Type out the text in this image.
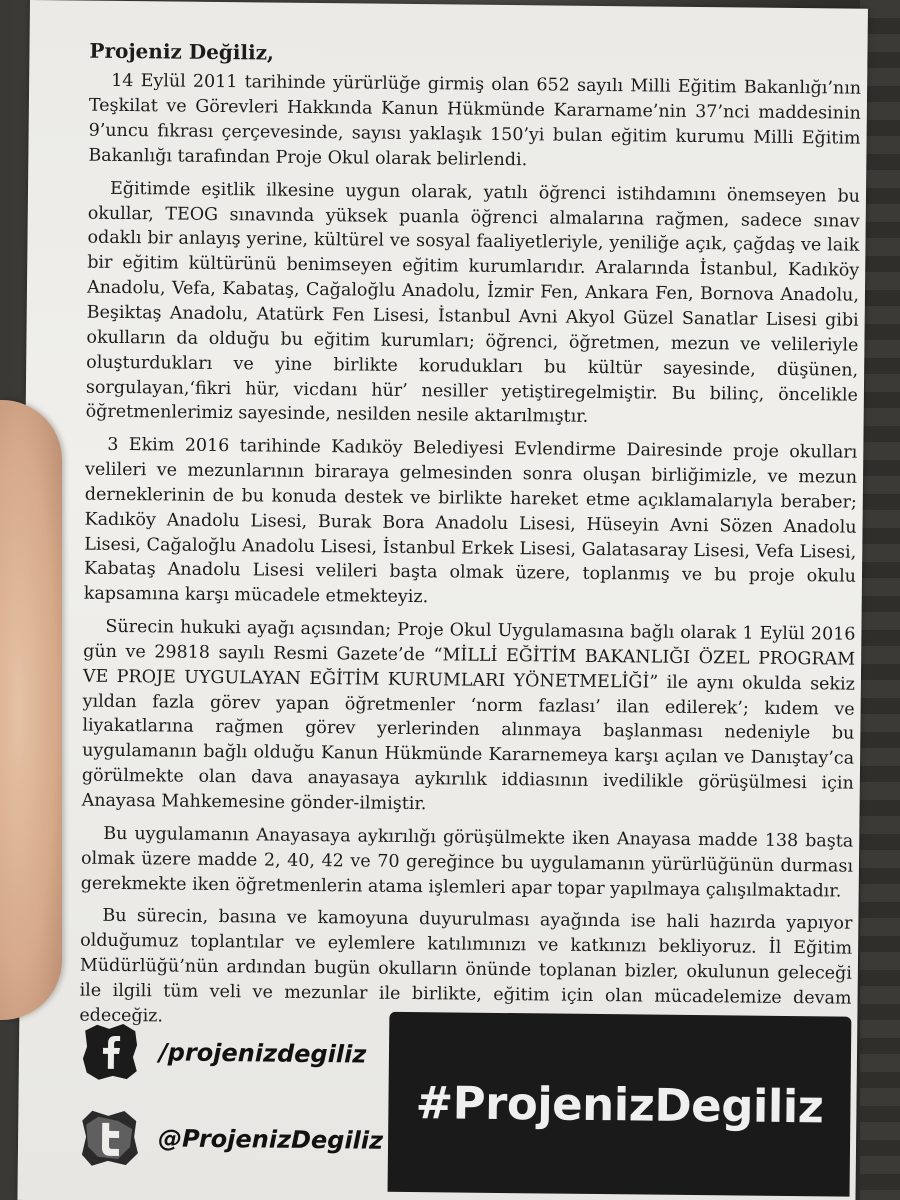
Projeniz Değiliz,

14 Eylül 2011 tarihinde yürürlüğe girmiş olan 652 sayılı Milli Eğitim Bakanlığı’nın Teşkilat ve Görevleri Hakkında Kanun Hükmünde Kararname’nin 37’nci maddesinin 9’uncu fıkrası çerçevesinde, sayısı yaklaşık 150’yi bulan eğitim kurumu Milli Eğitim Bakanlığı tarafından Proje Okul olarak belirlendi.

Eğitimde eşitlik ilkesine uygun olarak, yatılı öğrenci istihdamını önemseyen bu okullar, TEOG sınavında yüksek puanla öğrenci almalarına rağmen, sadece sınav odaklı bir anlayış yerine, kültürel ve sosyal faaliyetleriyle, yeniliğe açık, çağdaş ve laik bir eğitim kültürünü benimseyen eğitim kurumlarıdır. Aralarında İstanbul, Kadıköy Anadolu, Vefa, Kabataş, Cağaloğlu Anadolu, İzmir Fen, Ankara Fen, Bornova Anadolu, Beşiktaş Anadolu, Atatürk Fen Lisesi, İstanbul Avni Akyol Güzel Sanatlar Lisesi gibi okulların da olduğu bu eğitim kurumları; öğrenci, öğretmen, mezun ve velileriyle oluşturdukları ve yine birlikte korudukları bu kültür sayesinde, düşünen, sorgulayan,‘fikri hür, vicdanı hür’ nesiller yetiştiregelmiştir. Bu bilinç, öncelikle öğretmenlerimiz sayesinde, nesilden nesile aktarılmıştır.

3 Ekim 2016 tarihinde Kadıköy Belediyesi Evlendirme Dairesinde proje okulları velileri ve mezunlarının biraraya gelmesinden sonra oluşan birliğimizle, ve mezun derneklerinin de bu konuda destek ve birlikte hareket etme açıklamalarıyla beraber; Kadıköy Anadolu Lisesi, Burak Bora Anadolu Lisesi, Hüseyin Avni Sözen Anadolu Lisesi, Cağaloğlu Anadolu Lisesi, İstanbul Erkek Lisesi, Galatasaray Lisesi, Vefa Lisesi, Kabataş Anadolu Lisesi velileri başta olmak üzere, toplanmış ve bu proje okulu kapsamına karşı mücadele etmekteyiz.

Sürecin hukuki ayağı açısından; Proje Okul Uygulamasına bağlı olarak 1 Eylül 2016 gün ve 29818 sayılı Resmi Gazete’de “MİLLİ EĞİTİM BAKANLIĞI ÖZEL PROGRAM VE PROJE UYGULAYAN EĞİTİM KURUMLARI YÖNETMELİĞİ” ile aynı okulda sekiz yıldan fazla görev yapan öğretmenler ‘norm fazlası’ ilan edilerek’; kıdem ve liyakatlarına rağmen görev yerlerinden alınmaya başlanması nedeniyle bu uygulamanın bağlı olduğu Kanun Hükmünde Kararnemeya karşı açılan ve Danıştay’ca görülmekte olan dava anayasaya aykırılık iddiasının ivedilikle görüşülmesi için Anayasa Mahkemesine gönder-ilmiştir.

Bu uygulamanın Anayasaya aykırılığı görüşülmekte iken Anayasa madde 138 başta olmak üzere madde 2, 40, 42 ve 70 gereğince bu uygulamanın yürürlüğünün durması gerekmekte iken öğretmenlerin atama işlemleri apar topar yapılmaya çalışılmaktadır.

Bu sürecin, basına ve kamoyuna duyurulması ayağında ise hali hazırda yapıyor olduğumuz toplantılar ve eylemlere katılımınızı ve katkınızı bekliyoruz. İl Eğitim Müdürlüğü’nün ardından bugün okulların önünde toplanan bizler, okulunun geleceği ile ilgili tüm veli ve mezunlar ile birlikte, eğitim için olan mücadelemize devam edeceğiz.

/projenizdegiliz
@ProjenizDegiliz
#ProjenizDegiliz
